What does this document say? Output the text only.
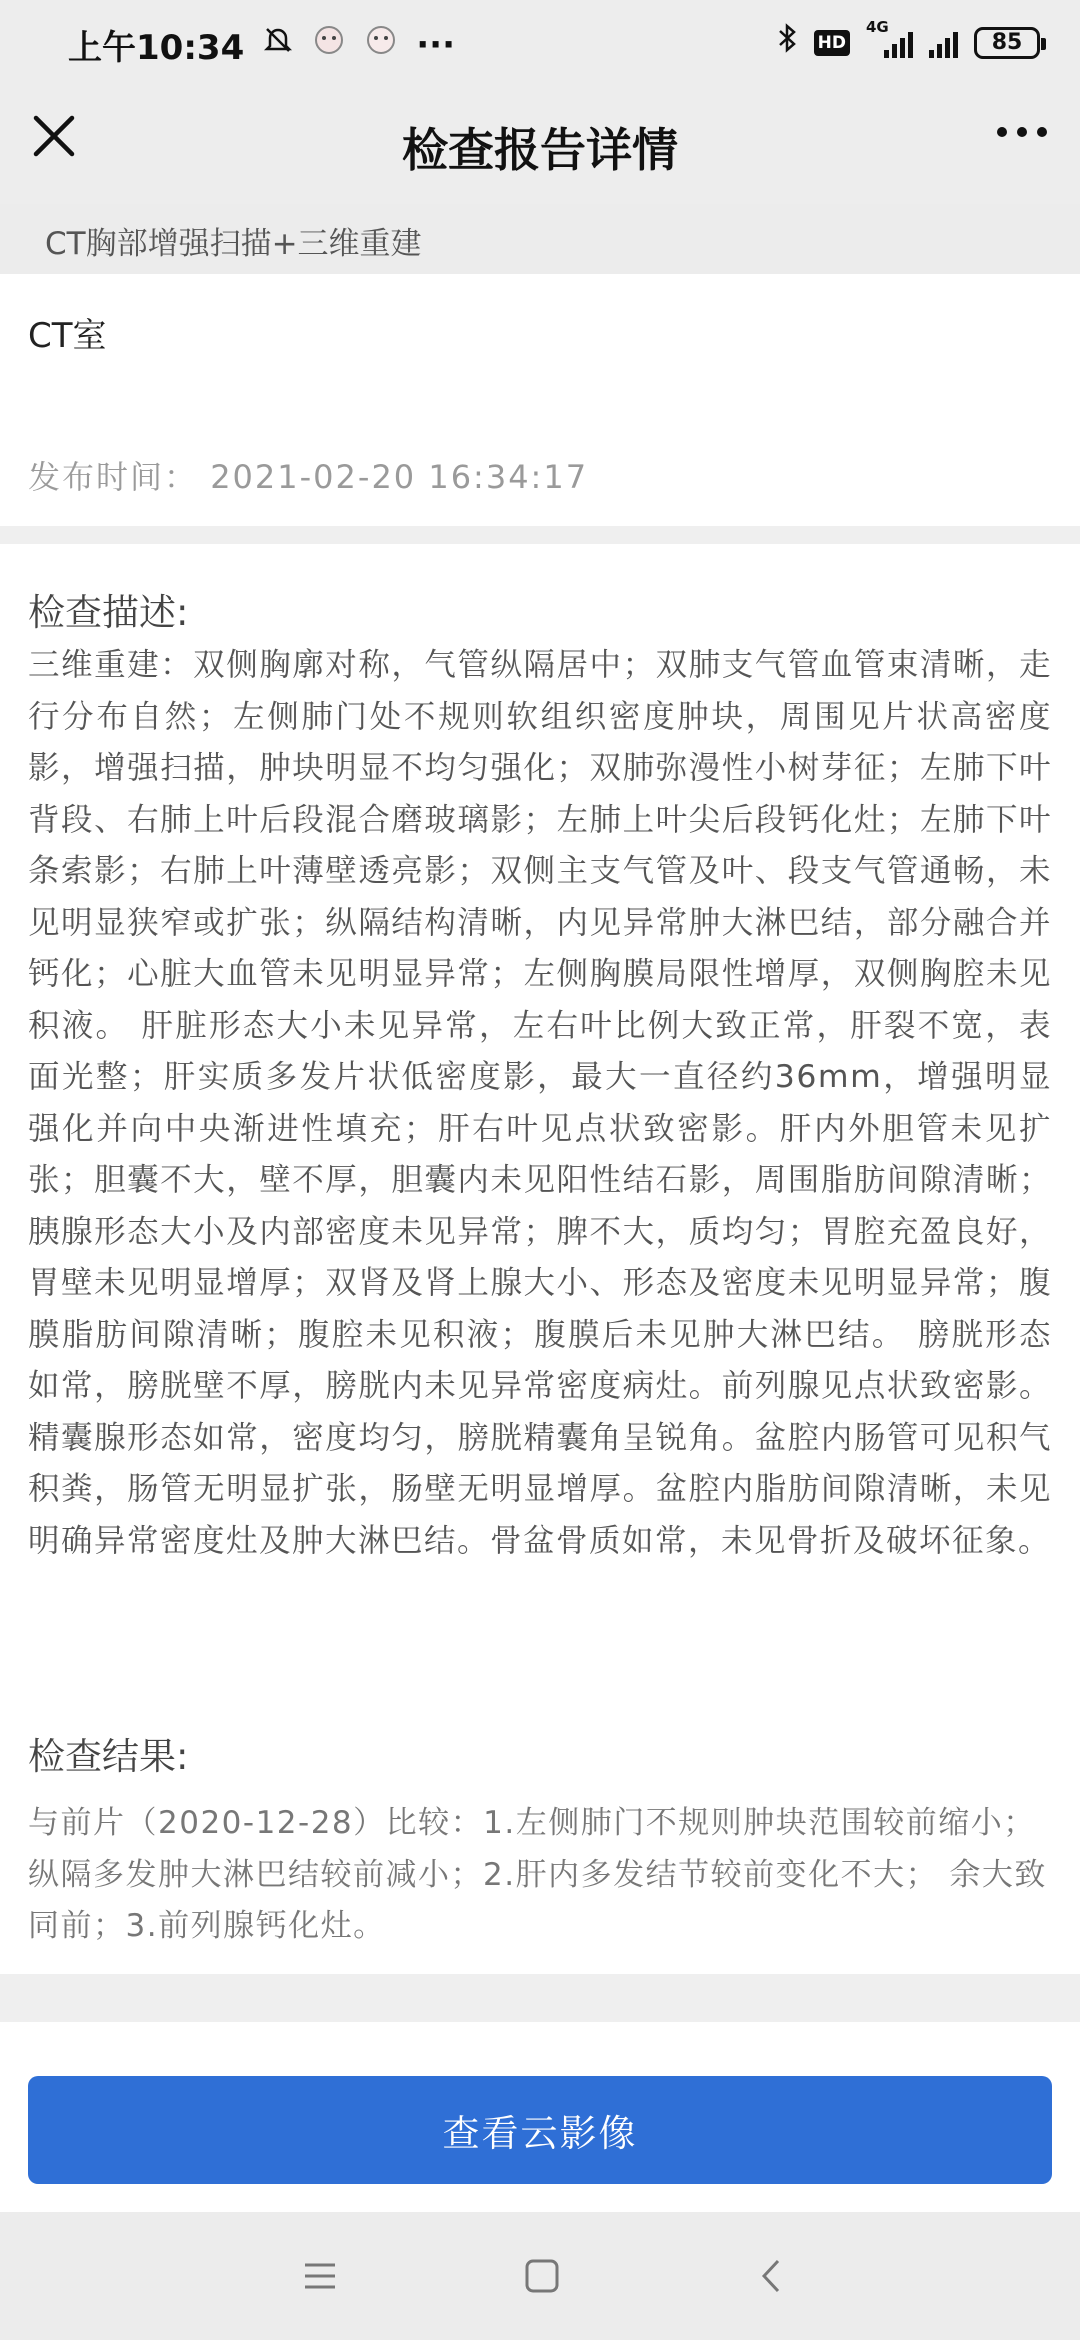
上午10:34	···	HD
4G
85
检查报告详情
CT胸部增强扫描+三维重建
CT室
发布时间： 2021-02-20 16:34:17
检查描述:
三维重建：双侧胸廓对称，气管纵隔居中；双肺支气管血管束清晰，走行分布自然；左侧肺门处不规则软组织密度肿块，周围见片状高密度影，增强扫描，肿块明显不均匀强化；双肺弥漫性小树芽征；左肺下叶背段、右肺上叶后段混合磨玻璃影；左肺上叶尖后段钙化灶；左肺下叶条索影；右肺上叶薄壁透亮影；双侧主支气管及叶、段支气管通畅，未见明显狭窄或扩张；纵隔结构清晰，内见异常肿大淋巴结，部分融合并钙化；心脏大血管未见明显异常；左侧胸膜局限性增厚，双侧胸腔未见积液。 肝脏形态大小未见异常，左右叶比例大致正常，肝裂不宽，表面光整；肝实质多发片状低密度影，最大一直径约36mm，增强明显强化并向中央渐进性填充；肝右叶见点状致密影。肝内外胆管未见扩张；胆囊不大，壁不厚，胆囊内未见阳性结石影，周围脂肪间隙清晰；胰腺形态大小及内部密度未见异常；脾不大，质均匀；胃腔充盈良好，胃壁未见明显增厚；双肾及肾上腺大小、形态及密度未见明显异常；腹膜脂肪间隙清晰；腹腔未见积液；腹膜后未见肿大淋巴结。 膀胱形态如常，膀胱壁不厚，膀胱内未见异常密度病灶。前列腺见点状致密影。精囊腺形态如常，密度均匀，膀胱精囊角呈锐角。盆腔内肠管可见积气积粪，肠管无明显扩张，肠壁无明显增厚。盆腔内脂肪间隙清晰，未见明确异常密度灶及肿大淋巴结。骨盆骨质如常，未见骨折及破坏征象。
检查结果:
与前片（2020-12-28）比较：1.左侧肺门不规则肿块范围较前缩小；纵隔多发肿大淋巴结较前减小；2.肝内多发结节较前变化不大； 余大致同前；3.前列腺钙化灶。
查看云影像
